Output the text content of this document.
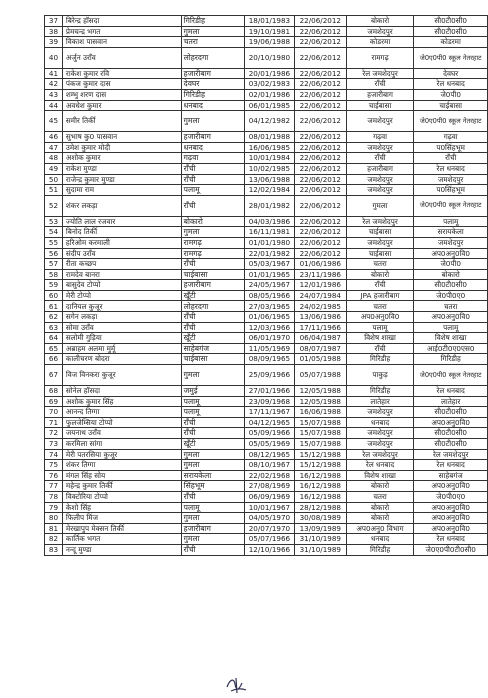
37	बिरेन्द्र हॉसदा	गिरिडीह	18/01/1983	22/06/2012	बोकारो	सी0टी0सी0
38	प्रेमचन्द्र भगत	गुमला	19/10/1981	22/06/2012	जमशेदपुर	सी0टी0सी0
39	विकाश पासवान	चतरा	19/06/1988	22/06/2012	कोडरमा	कोडरमा
40	अर्जुन उराँव	लोहरदगा	20/10/1980	22/06/2012	रामगढ़	जे0ए0पी0 स्कूल नेतरहाट

41	राकेश कुमार रवि	हजारीबाग	20/01/1986	22/06/2012	रेल जमशेदपुर	देवघर
42	पंकज कुमार दास	देवघर	03/02/1983	22/06/2012	राँची	रेल धनबाद
43	शम्भु शरण दास	गिरिडीह	02/01/1986	22/06/2012	हजारीबाग	जे0पी0
44	अवधेश कुमार	धनबाद	06/01/1985	22/06/2012	चाईबासा	चाईबासा
45	समीर तिर्की	गुमला	04/12/1982	22/06/2012	जमशेदपुर	जे0ए0पी0 स्कूल नेतरहाट

46	सुभाष कु0 पासवान	हजारीबाग	08/01/1988	22/06/2012	गढ़वा	गढ़वा
47	उमेश कुमार मोदी	धनबाद	16/06/1985	22/06/2012	जमशेदपुर	प0सिंहभूम
48	अशोक कुमार	गढ़वा	10/01/1984	22/06/2012	राँची	राँची
49	राकेश मुण्डा	राँची	10/02/1985	22/06/2012	हजारीबाग	रेल धनबाद
50	राजेन्द्र कुमार मुण्डा	राँची	13/06/1988	22/06/2012	जमशेदपुर	जमशेदपुर
51	सुदामा राम	पलामू	12/02/1984	22/06/2012	जमशेदपुर	प0सिंहभूम
52	शंकर लकड़ा	राँची	28/01/1982	22/06/2012	गुमला	जे0ए0पी0 स्कूल नेतरहाट

53	ज्योति लाल रजवार	बोकारो	04/03/1986	22/06/2012	रेल जमशेदपुर	पलामू
54	बिनोद तिर्की	गुमला	16/11/1981	22/06/2012	चाईबासा	सरायकेला
55	हरिओम करमाली	रामगढ़	01/01/1980	22/06/2012	जमशेदपुर	जमशेदपुर
56	संदीप उराँव	रामगढ़	22/01/1982	22/06/2012	चाईबासा	अप0अनु0वि0
57	रीता कच्छप	राँची	05/03/1967	01/06/1986	चतरा	जे0पी0
58	रामदेव बानरा	चाईबासा	01/01/1965	23/11/1986	बोकारो	बोकारो
59	बासुदेव टोप्पो	हजारीबाग	24/05/1967	12/01/1986	राँची	सी0टी0सी0
60	मेरी टोप्पो	खूँटी	08/05/1966	24/07/1984	JPA हजारीबाग	जे0पी0ए0
61	दानियल कुजूर	लोहरदगा	27/03/1965	24/02/1985	चतरा	चतरा
62	सगेन लकड़ा	राँची	01/06/1965	13/06/1986	अप0अनु0वि0	अप0अनु0वि0
63	सोमा उराँव	राँची	12/03/1966	17/11/1966	पलामू	पलामू
64	सलोमी गुड़िया	खूँटी	06/01/1970	06/04/1987	विशेष शाखा	विशेष शाखा
65	अब्राहम अलमा मुर्मू	साहेबगंज	11/05/1969	08/07/1987	राँची	आई0टी0ए0एस0
66	कालीचरण बोदरा	चाईबासा	08/09/1965	01/05/1988	गिरिडीह	गिरिडीह
67	विज विनकरा कुजूर	गुमला	25/09/1966	05/07/1988	पाकुड़	जे0ए0पी0 स्कूल नेतरहाट

68	सोनेल हॉसदा	जमुई	27/01/1966	12/05/1988	गिरिडीह	रेल धनबाद
69	अशोक कुमार सिंह	पलामू	23/09/1968	12/05/1988	लातेहार	लातेहार
70	आनन्द तिग्गा	पलामू	17/11/1967	16/06/1988	जमशेदपुर	सी0टी0सी0
71	फुलजेम्सिया टोप्पो	राँची	04/12/1965	15/07/1988	धनबाद	अप0अनु0वि0
72	जयनाथ उराँव	राँची	05/09/1966	15/07/1988	जमशेदपुर	सी0टी0सी0
73	करमिला सांगा	खूँटी	05/05/1969	15/07/1988	जमशेदपुर	सी0टी0सी0
74	मेरी पतरसिया कुजूर	गुमला	08/12/1965	15/12/1988	रेल जमशेदपुर	रेल जमशेदपुर
75	शंकर तिग्गा	गुमला	08/10/1967	15/12/1988	रेल धनबाद	रेल धनबाद
76	मंगल सिंह सोय	सरायकेला	22/02/1968	16/12/1988	विशेष शाखा	साहेबगंज
77	महेन्द्र कुमार तिर्की	सिंहभूम	27/08/1969	16/12/1988	बोकारो	अप0अनु0वि0
78	विक्टोरिया टोप्पो	राँची	06/09/1969	16/12/1988	चतरा	जे0पी0ए0
79	केशो सिंह	पलामू	10/01/1967	28/12/1988	बोकारो	अप0अनु0वि0
80	फिलीप मिंज	गुमला	04/05/1970	30/08/1989	बोकारो	अप0अनु0वि0
81	मेरखापुप मेक्सन तिर्की	हजारीबाग	20/07/1970	13/09/1989	अप0अनु0 विभाग	अप0अनु0वि0
82	कार्तिक भगत	गुमला	05/07/1966	31/10/1989	धनबाद	रेल धनबाद
83	नन्दू मुण्डा	राँची	12/10/1966	31/10/1989	गिरिडीह	जे0ए0पी0टी0सी0
